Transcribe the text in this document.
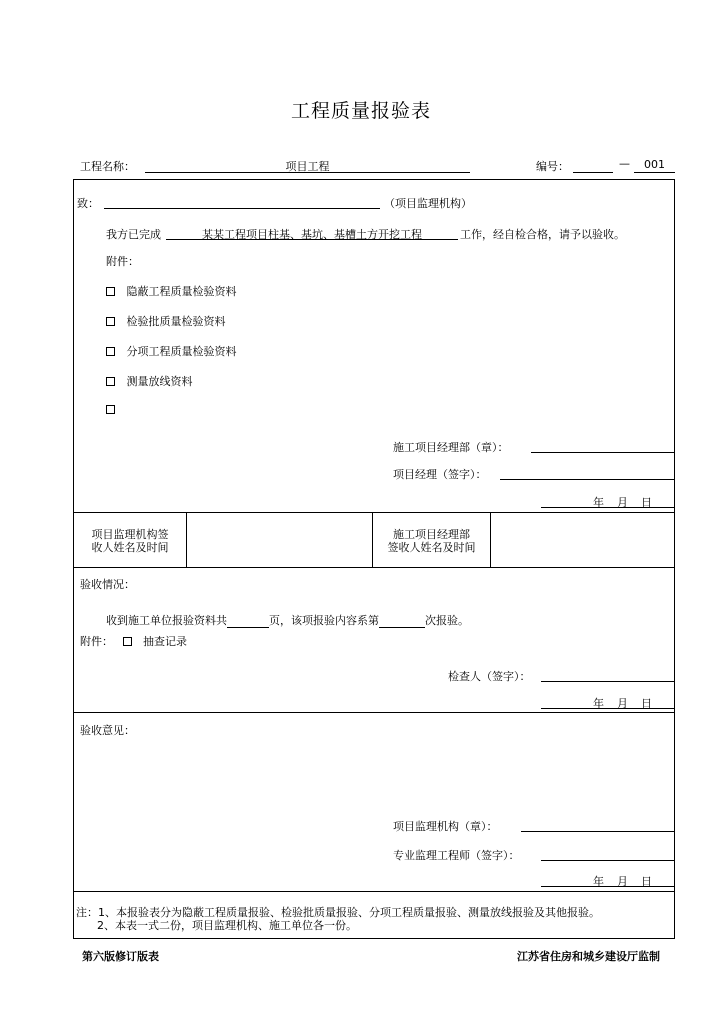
工程质量报验表
工程名称：	项目工程	编号：	—	001
致：	（项目监理机构）
我方已完成	某某工程项目柱基、基坑、基槽土方开挖工程	工作，经自检合格，请予以验收。
附件：
隐蔽工程质量检验资料
检验批质量检验资料
分项工程质量检验资料
测量放线资料
施工项目经理部（章）：
项目经理（签字）：
年 月 日
项目监理机构签
收人姓名及时间
施工项目经理部
签收人姓名及时间
验收情况：
收到施工单位报验资料共	页，该项报验内容系第	次报验。
附件：	抽查记录
检查人（签字）：
年 月 日
验收意见：
项目监理机构（章）：
专业监理工程师（签字）：
年 月 日
注：1、本报验表分为隐蔽工程质量报验、检验批质量报验、分项工程质量报验、测量放线报验及其他报验。
2、本表一式二份，项目监理机构、施工单位各一份。
第六版修订版表	江苏省住房和城乡建设厅监制
